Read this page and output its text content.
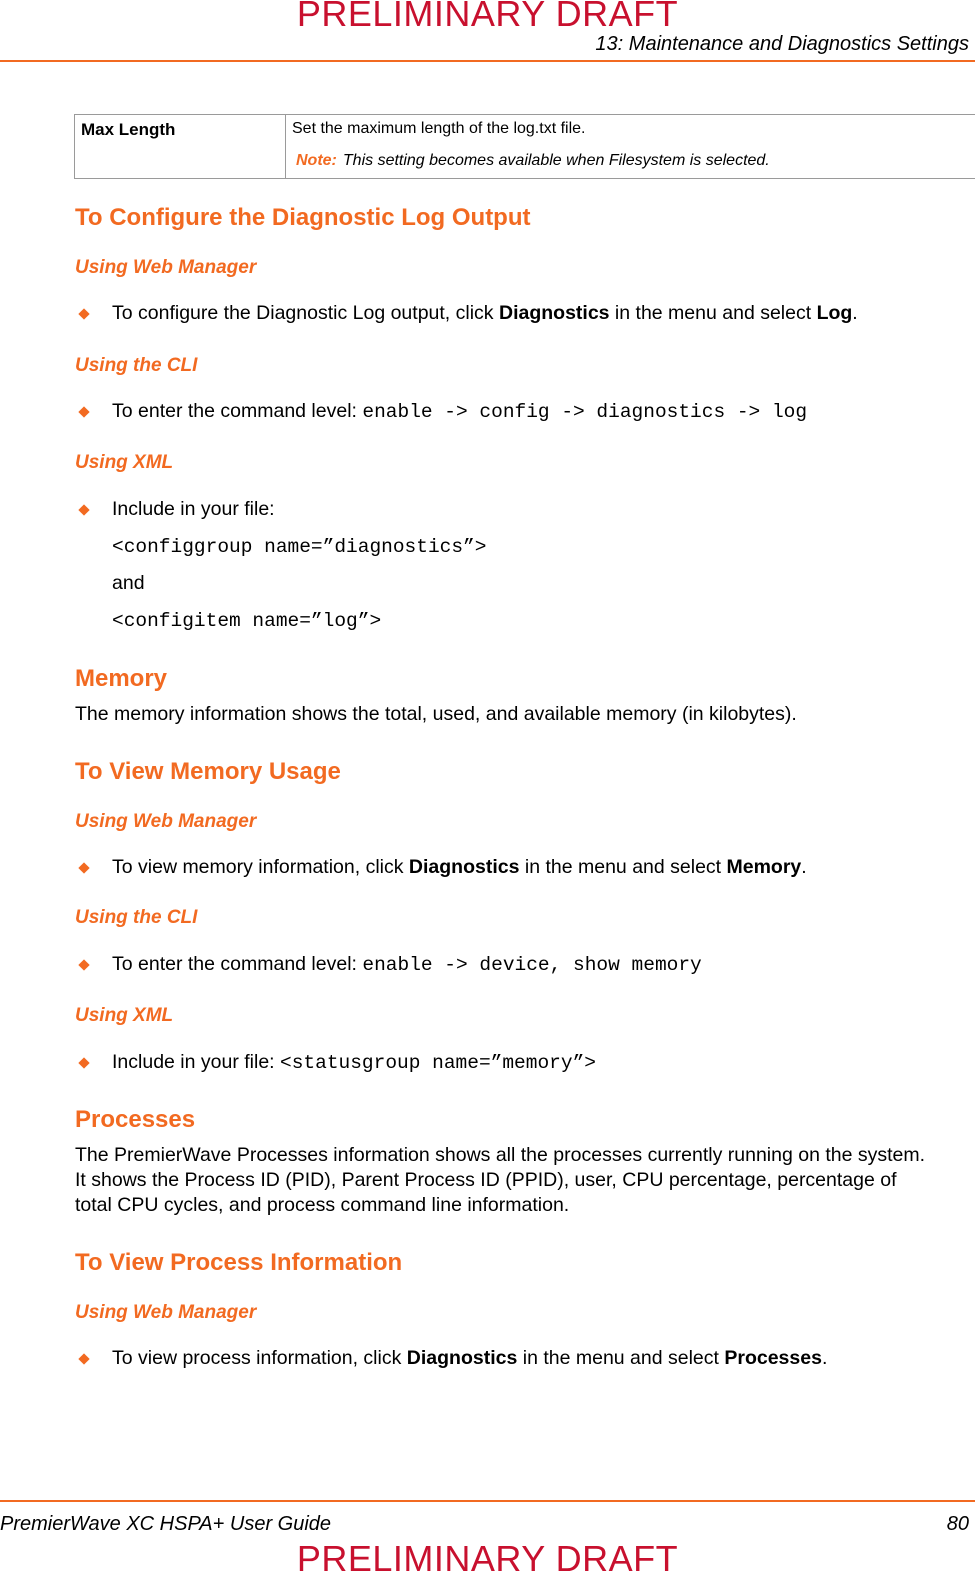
PRELIMINARY DRAFT
13: Maintenance and Diagnostics Settings
Max Length	Set the maximum length of the log.txt file.
Note: This setting becomes available when Filesystem is selected.
To Configure the Diagnostic Log Output
Using Web Manager
To configure the Diagnostic Log output, click Diagnostics in the menu and select Log.
Using the CLI
To enter the command level: enable -> config -> diagnostics -> log
Using XML
Include in your file:
<configgroup name=”diagnostics”>
and
<configitem name=”log”>
Memory
The memory information shows the total, used, and available memory (in kilobytes).
To View Memory Usage
Using Web Manager
To view memory information, click Diagnostics in the menu and select Memory.
Using the CLI
To enter the command level: enable -> device, show memory
Using XML
Include in your file: <statusgroup name=”memory”>
Processes
The PremierWave Processes information shows all the processes currently running on the system. It shows the Process ID (PID), Parent Process ID (PPID), user, CPU percentage, percentage of total CPU cycles, and process command line information.
To View Process Information
Using Web Manager
To view process information, click Diagnostics in the menu and select Processes.
PremierWave XC HSPA+ User Guide	80
PRELIMINARY DRAFT
